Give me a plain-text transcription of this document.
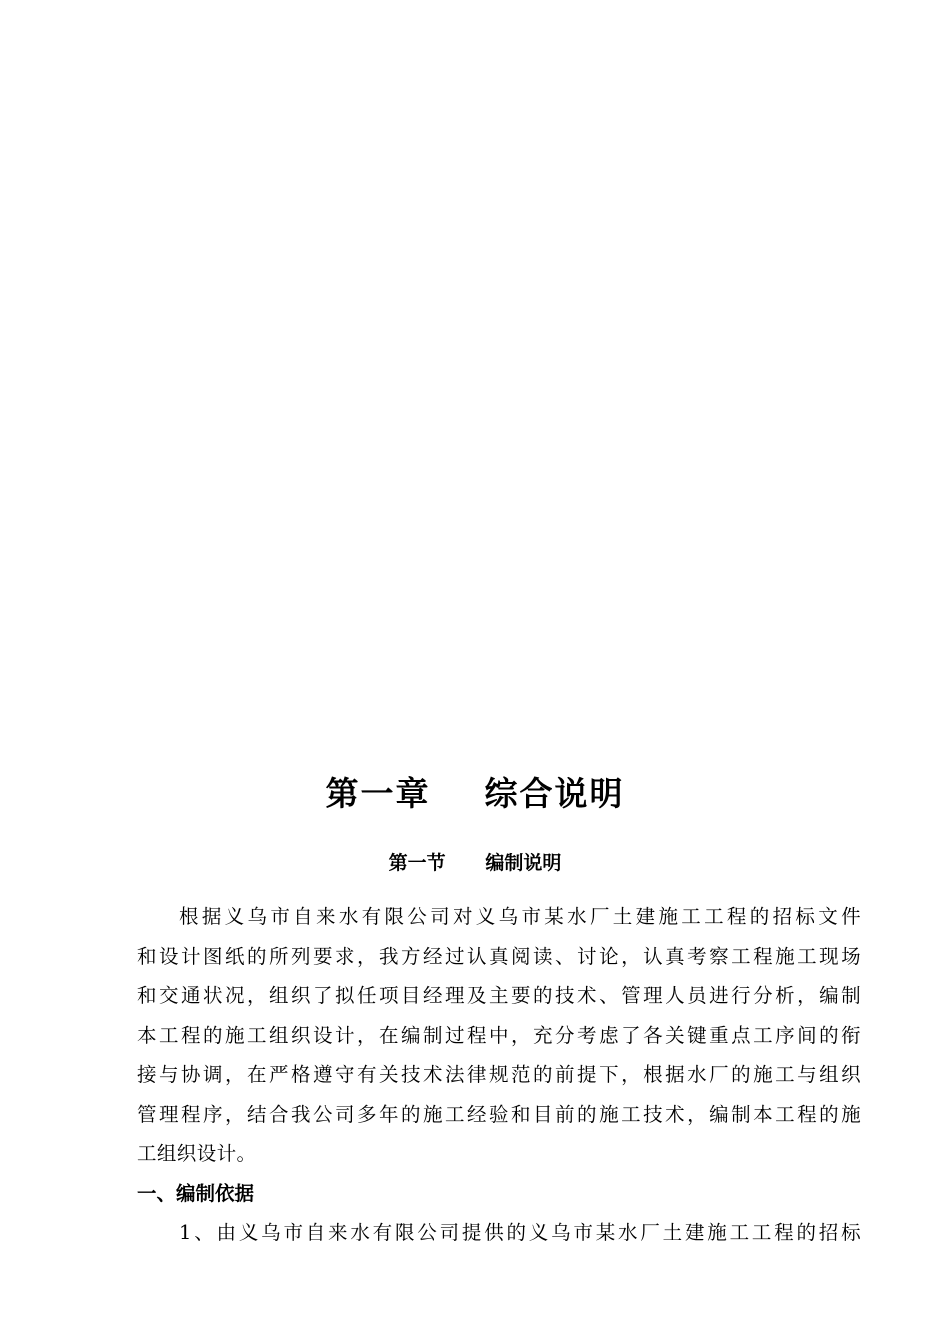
第一章    综合说明
第一节      编制说明
根据义乌市自来水有限公司对义乌市某水厂土建施工工程的招标文件
和设计图纸的所列要求，我方经过认真阅读、讨论，认真考察工程施工现场
和交通状况，组织了拟任项目经理及主要的技术、管理人员进行分析，编制
本工程的施工组织设计，在编制过程中，充分考虑了各关键重点工序间的衔
接与协调，在严格遵守有关技术法律规范的前提下，根据水厂的施工与组织
管理程序，结合我公司多年的施工经验和目前的施工技术，编制本工程的施
工组织设计。
一、编制依据
1、由义乌市自来水有限公司提供的义乌市某水厂土建施工工程的招标
